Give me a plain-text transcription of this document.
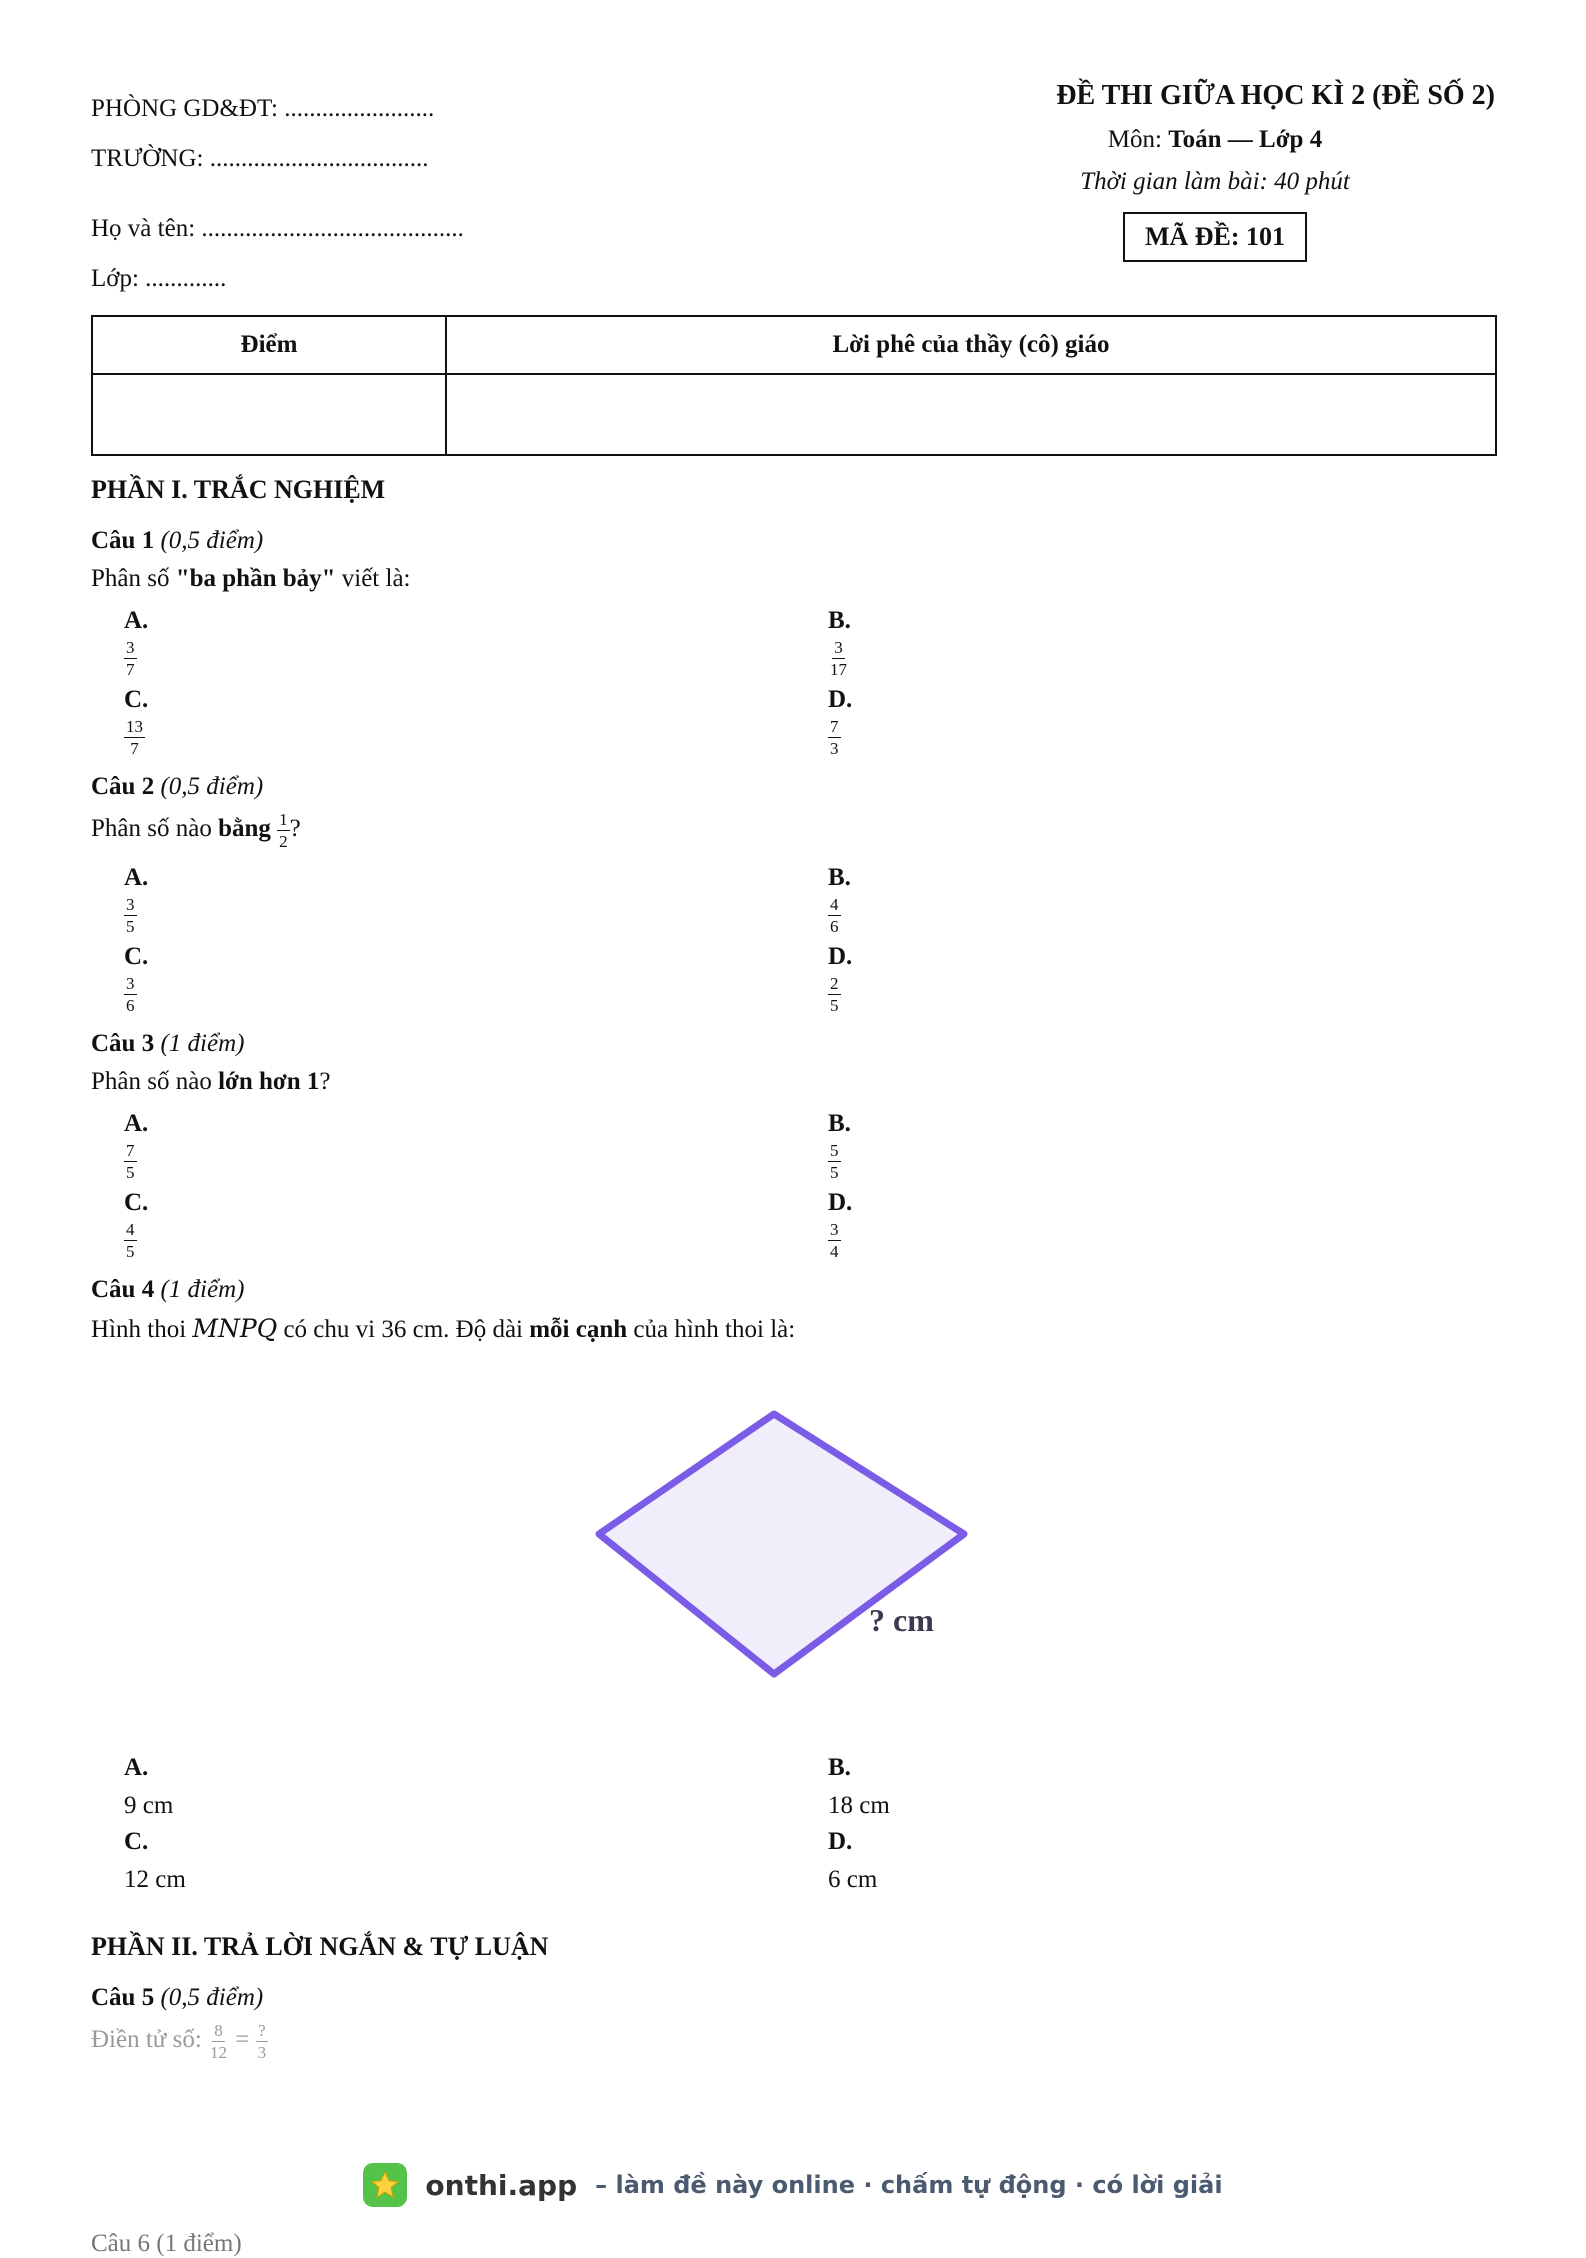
PHÒNG GD&ĐT: ........................
TRƯỜNG: ...................................
Họ và tên: ..........................................
Lớp: .............
ĐỀ THI GIỮA HỌC KÌ 2 (ĐỀ SỐ 2)
Môn: Toán — Lớp 4
Thời gian làm bài: 40 phút
MÃ ĐỀ: 101
Điểm	Lời phê của thầy (cô) giáo

PHẦN I. TRẮC NGHIỆM
Câu 1 (0,5 điểm)
Phân số "ba phần bảy" viết là:
A.
$\frac{3}{7}$
B.
$\frac{3}{17}$
C.
$\frac{13}{7}$
D.
$\frac{7}{3}$
Câu 2 (0,5 điểm)
Phân số nào bằng $\frac{1}{2}$ ?
A.
$\frac{3}{5}$
B.
$\frac{4}{6}$
C.
$\frac{3}{6}$
D.
$\frac{2}{5}$
Câu 3 (1 điểm)
Phân số nào lớn hơn 1?
A.
$\frac{7}{5}$
B.
$\frac{5}{5}$
C.
$\frac{4}{5}$
D.
$\frac{3}{4}$
Câu 4 (1 điểm)
Hình thoi MNPQ có chu vi 36 cm. Độ dài mỗi cạnh của hình thoi là:
? cm
A.
9 cm
B.
18 cm
C.
12 cm
D.
6 cm
PHẦN II. TRẢ LỜI NGẮN & TỰ LUẬN
Câu 5 (0,5 điểm)
Điền tử số: $\frac{8}{12} = \frac{?}{3}$
onthi.app – làm đề này online · chấm tự động · có lời giải
Câu 6 (1 điểm)
